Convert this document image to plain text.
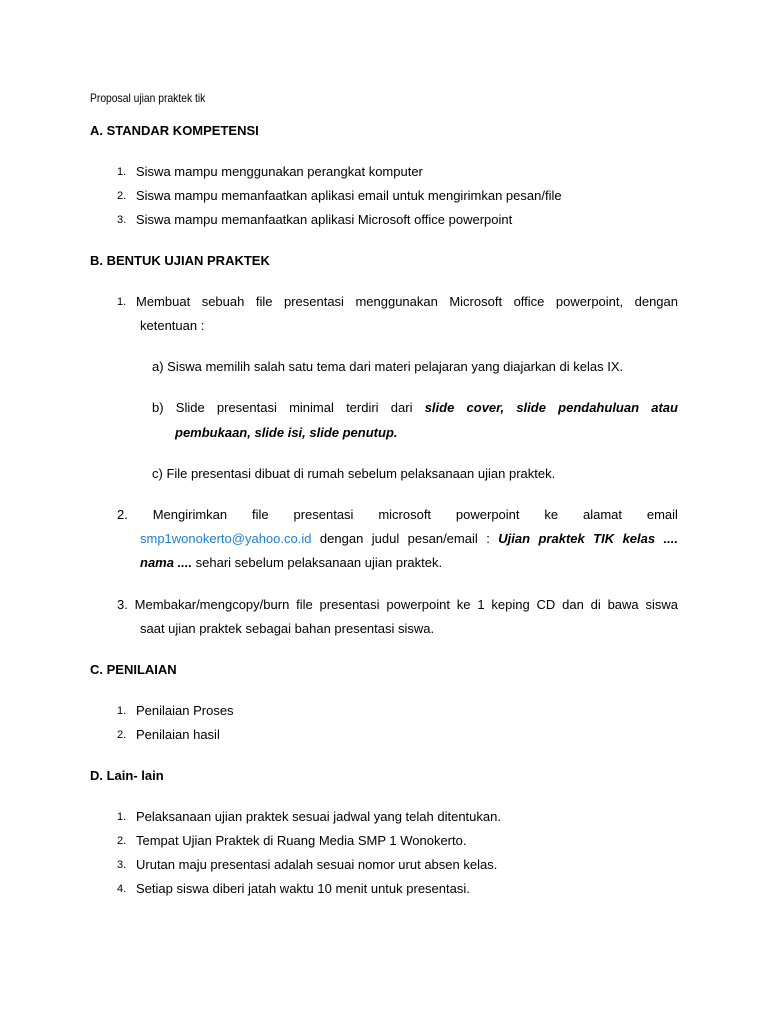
Proposal ujian praktek tik
A. STANDAR KOMPETENSI
1. Siswa mampu menggunakan perangkat komputer
2. Siswa mampu memanfaatkan aplikasi email untuk mengirimkan pesan/file
3. Siswa mampu memanfaatkan aplikasi Microsoft office powerpoint
B. BENTUK UJIAN PRAKTEK
1. Membuat sebuah file presentasi menggunakan Microsoft office powerpoint, dengan
ketentuan :
a) Siswa memilih salah satu tema dari materi pelajaran yang diajarkan di kelas IX.
b) Slide presentasi minimal terdiri dari slide cover, slide pendahuluan atau
pembukaan, slide isi, slide penutup.
c) File presentasi dibuat di rumah sebelum pelaksanaan ujian praktek.
2. Mengirimkan file presentasi microsoft powerpoint ke alamat email
smp1wonokerto@yahoo.co.id dengan judul pesan/email : Ujian praktek TIK kelas ....
nama .... sehari sebelum pelaksanaan ujian praktek.
3. Membakar/mengcopy/burn file presentasi powerpoint ke 1 keping CD dan di bawa siswa
saat ujian praktek sebagai bahan presentasi siswa.
C. PENILAIAN
1. Penilaian Proses
2. Penilaian hasil
D. Lain- lain
1. Pelaksanaan ujian praktek sesuai jadwal yang telah ditentukan.
2. Tempat Ujian Praktek di Ruang Media SMP 1 Wonokerto.
3. Urutan maju presentasi adalah sesuai nomor urut absen kelas.
4. Setiap siswa diberi jatah waktu 10 menit untuk presentasi.
